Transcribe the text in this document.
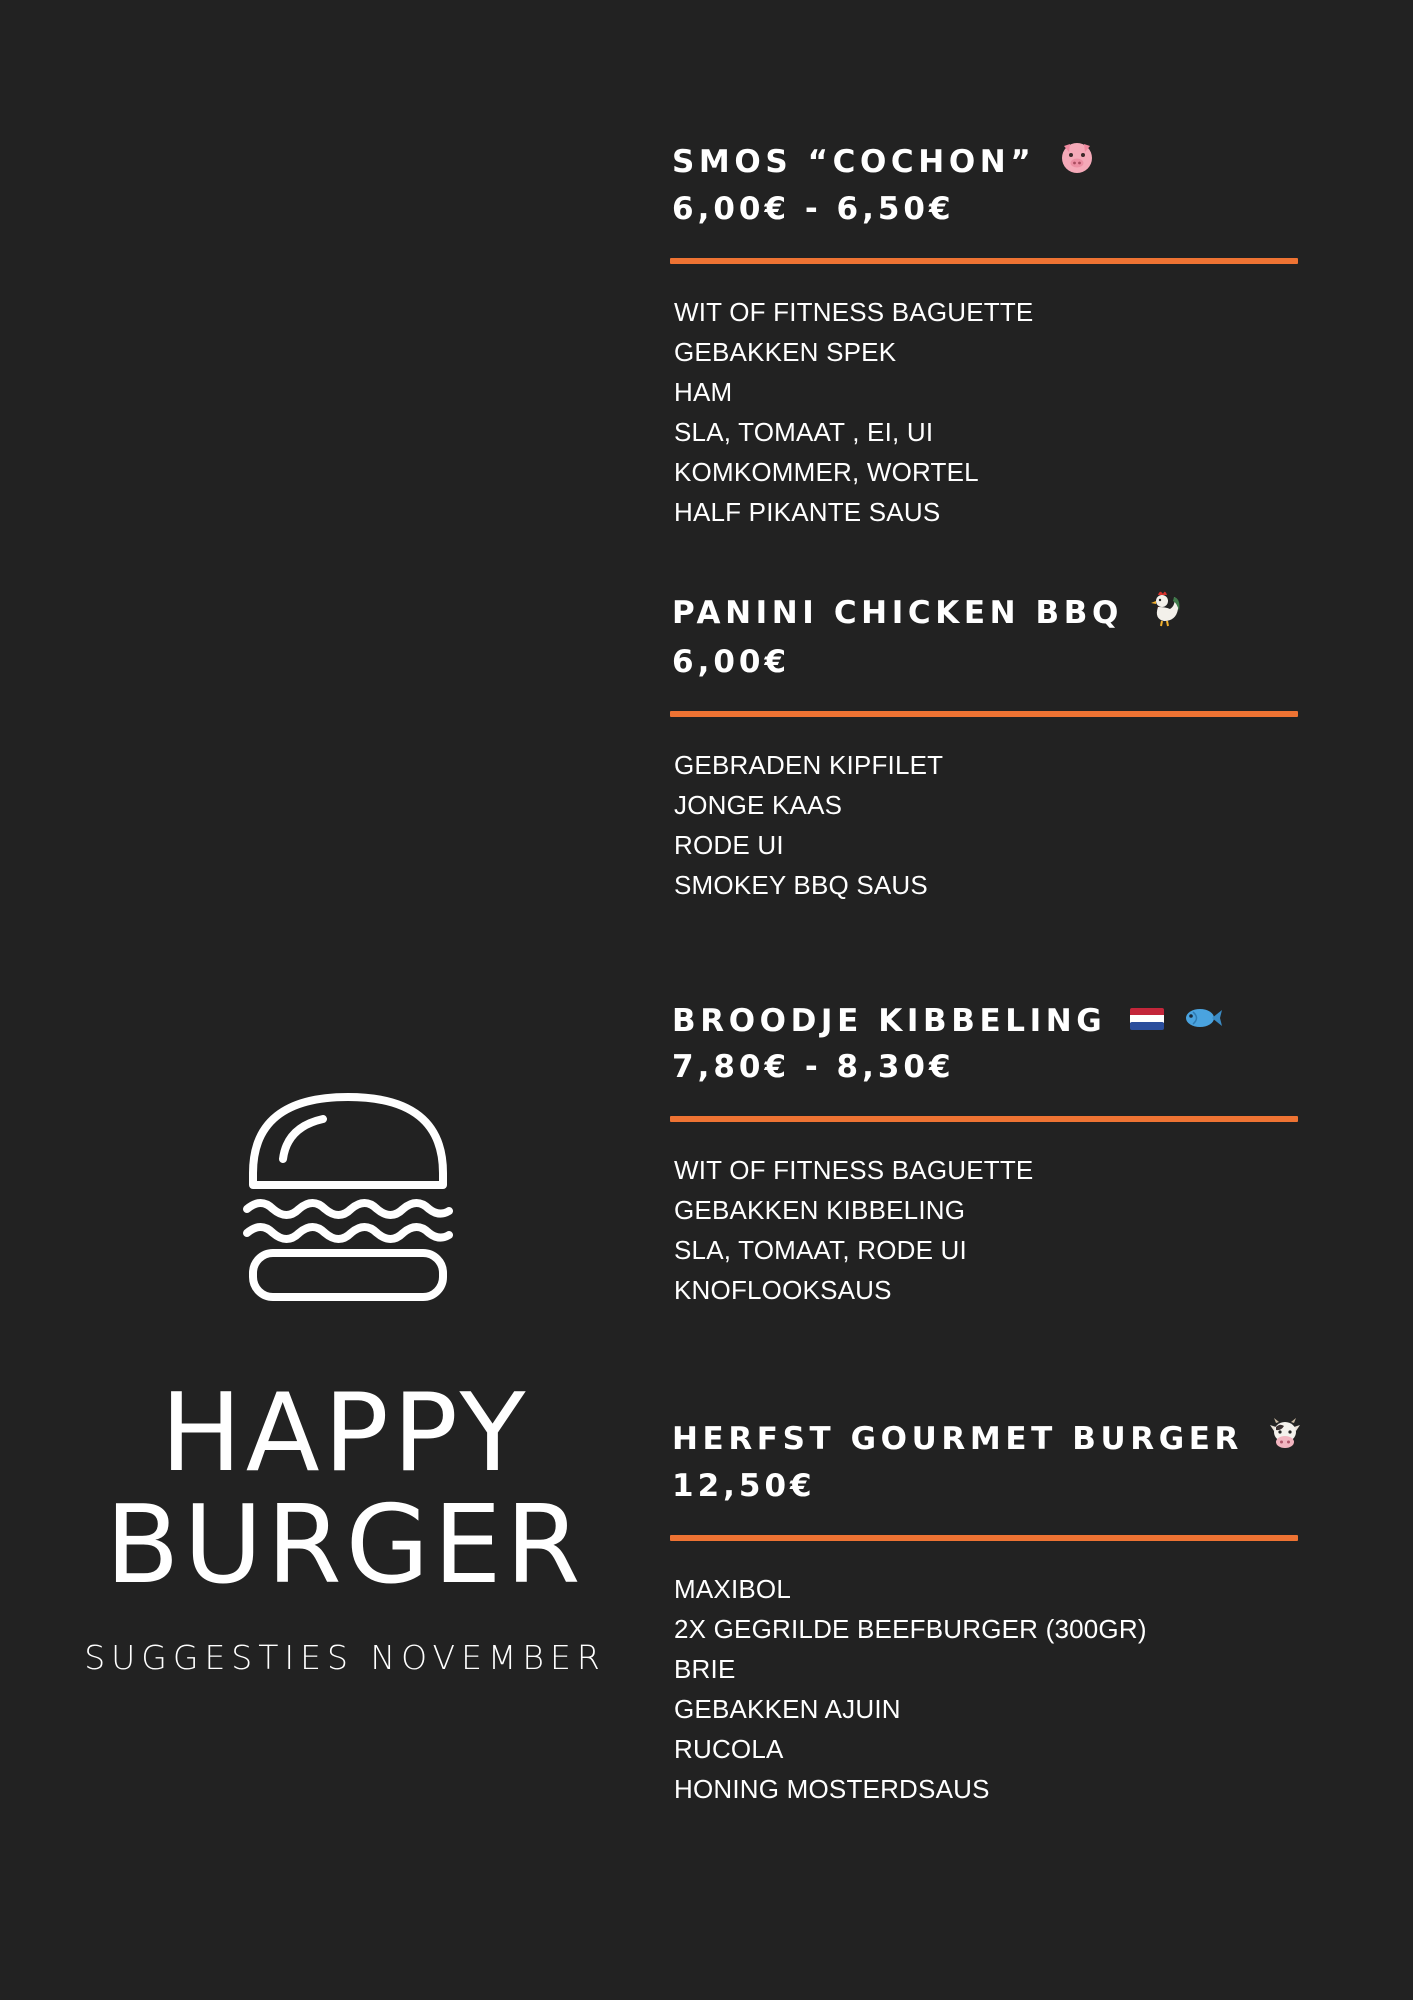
HAPPY
BURGER
SUGGESTIES NOVEMBER
SMOS “COCHON”
6,00€ - 6,50€
WIT OF FITNESS BAGUETTE
GEBAKKEN SPEK
HAM
SLA, TOMAAT , EI, UI
KOMKOMMER, WORTEL
HALF PIKANTE SAUS
PANINI CHICKEN BBQ
6,00€
GEBRADEN KIPFILET
JONGE KAAS
RODE UI
SMOKEY BBQ SAUS
BROODJE KIBBELING
7,80€ - 8,30€
WIT OF FITNESS BAGUETTE
GEBAKKEN KIBBELING
SLA, TOMAAT, RODE UI
KNOFLOOKSAUS
HERFST GOURMET BURGER
12,50€
MAXIBOL
2X GEGRILDE BEEFBURGER (300GR)
BRIE
GEBAKKEN AJUIN
RUCOLA
HONING MOSTERDSAUS
